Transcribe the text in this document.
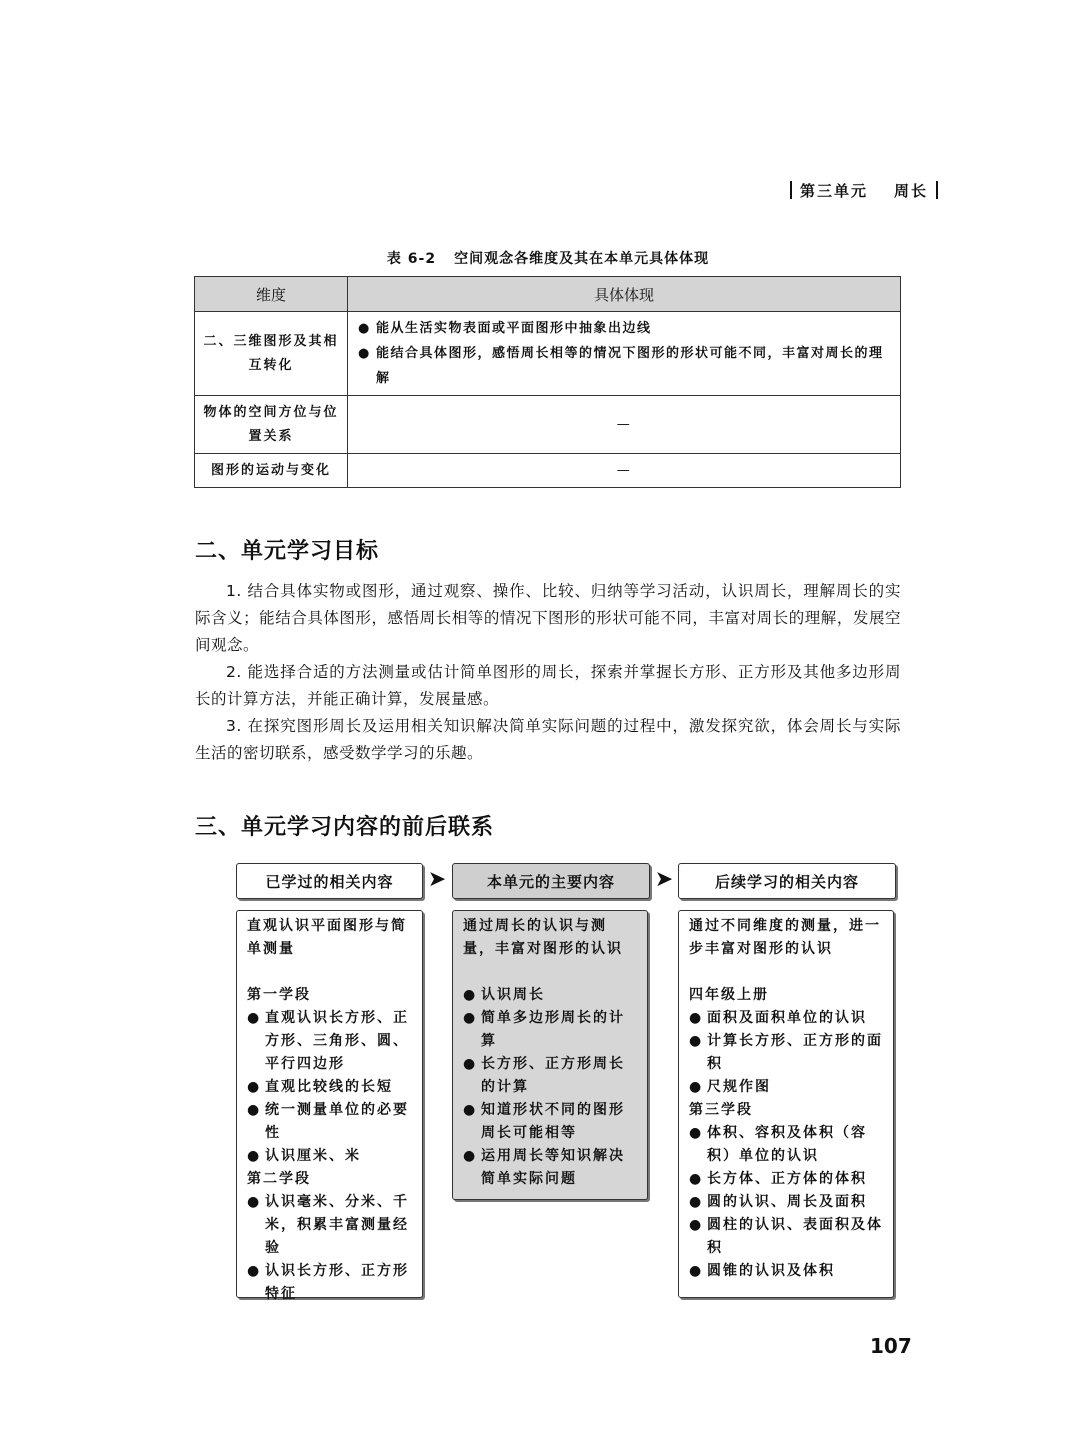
第三单元 周长
表 6-2 空间观念各维度及其在本单元具体体现
维度	具体体现
二、三维图形及其相互转化	● 能从生活实物表面或平面图形中抽象出边线
● 能结合具体图形，感悟周长相等的情况下图形的形状可能不同，丰富对周长的理解

物体的空间方位与位置关系	—
图形的运动与变化	—
二、单元学习目标

1. 结合具体实物或图形，通过观察、操作、比较、归纳等学习活动，认识周长，理解周长的实际含义；能结合具体图形，感悟周长相等的情况下图形的形状可能不同，丰富对周长的理解，发展空间观念。

2. 能选择合适的方法测量或估计简单图形的周长，探索并掌握长方形、正方形及其他多边形周长的计算方法，并能正确计算，发展量感。

3. 在探究图形周长及运用相关知识解决简单实际问题的过程中，激发探究欲，体会周长与实际生活的密切联系，感受数学学习的乐趣。

三、单元学习内容的前后联系
已学过的相关内容	➤	本单元的主要内容	➤	后续学习的相关内容
直观认识平面图形与简单测量
第一学段
● 直观认识长方形、正方形、三角形、圆、平行四边形
● 直观比较线的长短
● 统一测量单位的必要性
● 认识厘米、米
第二学段
● 认识毫米、分米、千米，积累丰富测量经验
● 认识长方形、正方形特征
通过周长的认识与测量，丰富对图形的认识
● 认识周长
● 简单多边形周长的计算
● 长方形、正方形周长的计算
● 知道形状不同的图形周长可能相等
● 运用周长等知识解决简单实际问题
通过不同维度的测量，进一步丰富对图形的认识
四年级上册
● 面积及面积单位的认识
● 计算长方形、正方形的面积
● 尺规作图
第三学段
● 体积、容积及体积（容积）单位的认识
● 长方体、正方体的体积
● 圆的认识、周长及面积
● 圆柱的认识、表面积及体积
● 圆锥的认识及体积
107
